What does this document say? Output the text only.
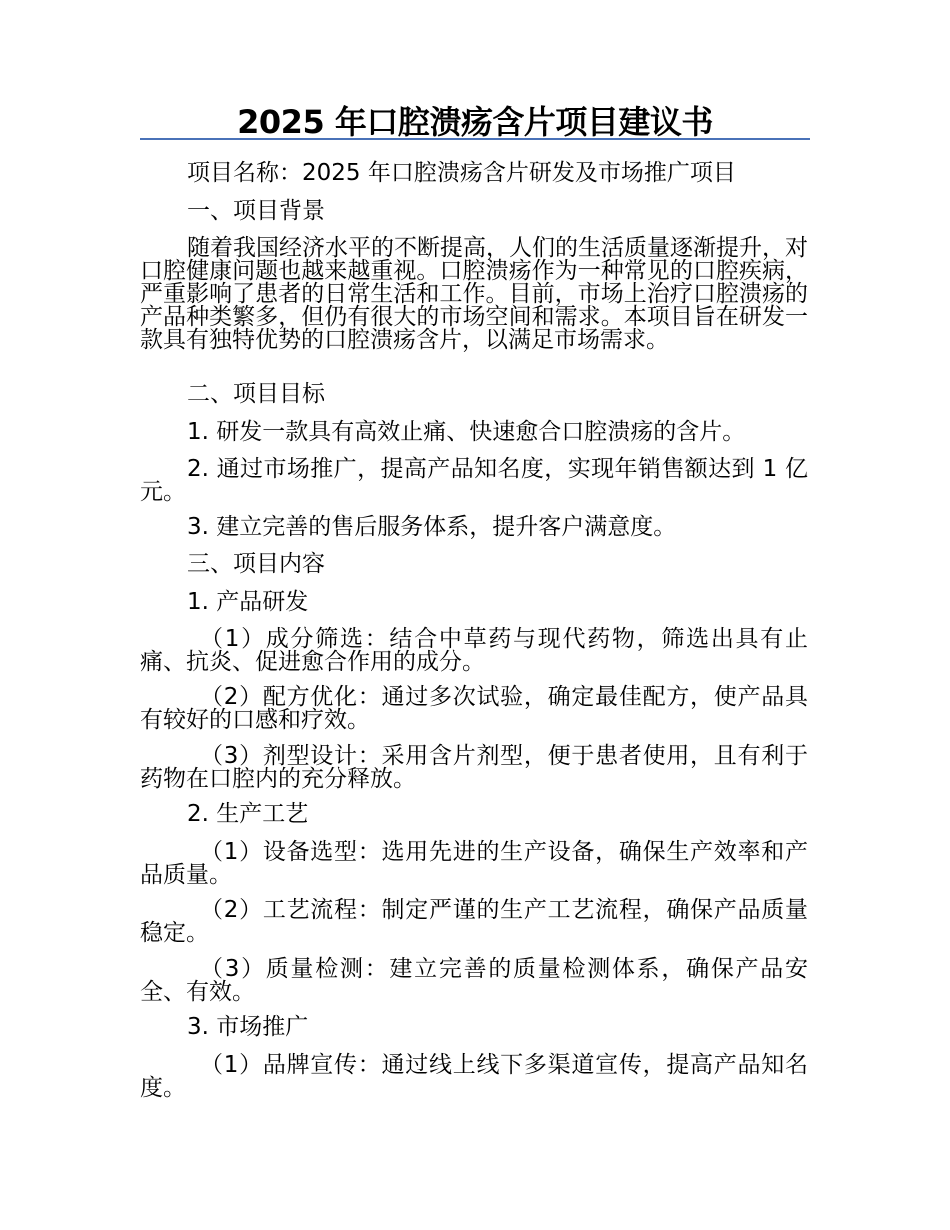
2025 年口腔溃疡含片项目建议书

项目名称：2025 年口腔溃疡含片研发及市场推广项目

一、项目背景

随着我国经济水平的不断提高，人们的生活质量逐渐提升，对口腔健康问题也越来越重视。口腔溃疡作为一种常见的口腔疾病，严重影响了患者的日常生活和工作。目前，市场上治疗口腔溃疡的产品种类繁多，但仍有很大的市场空间和需求。本项目旨在研发一款具有独特优势的口腔溃疡含片，以满足市场需求。

二、项目目标

1. 研发一款具有高效止痛、快速愈合口腔溃疡的含片。

2. 通过市场推广，提高产品知名度，实现年销售额达到 1 亿元。

3. 建立完善的售后服务体系，提升客户满意度。

三、项目内容

1. 产品研发

（1）成分筛选：结合中草药与现代药物，筛选出具有止痛、抗炎、促进愈合作用的成分。

（2）配方优化：通过多次试验，确定最佳配方，使产品具有较好的口感和疗效。

（3）剂型设计：采用含片剂型，便于患者使用，且有利于药物在口腔内的充分释放。

2. 生产工艺

（1）设备选型：选用先进的生产设备，确保生产效率和产品质量。

（2）工艺流程：制定严谨的生产工艺流程，确保产品质量稳定。

（3）质量检测：建立完善的质量检测体系，确保产品安全、有效。

3. 市场推广

（1）品牌宣传：通过线上线下多渠道宣传，提高产品知名度。
